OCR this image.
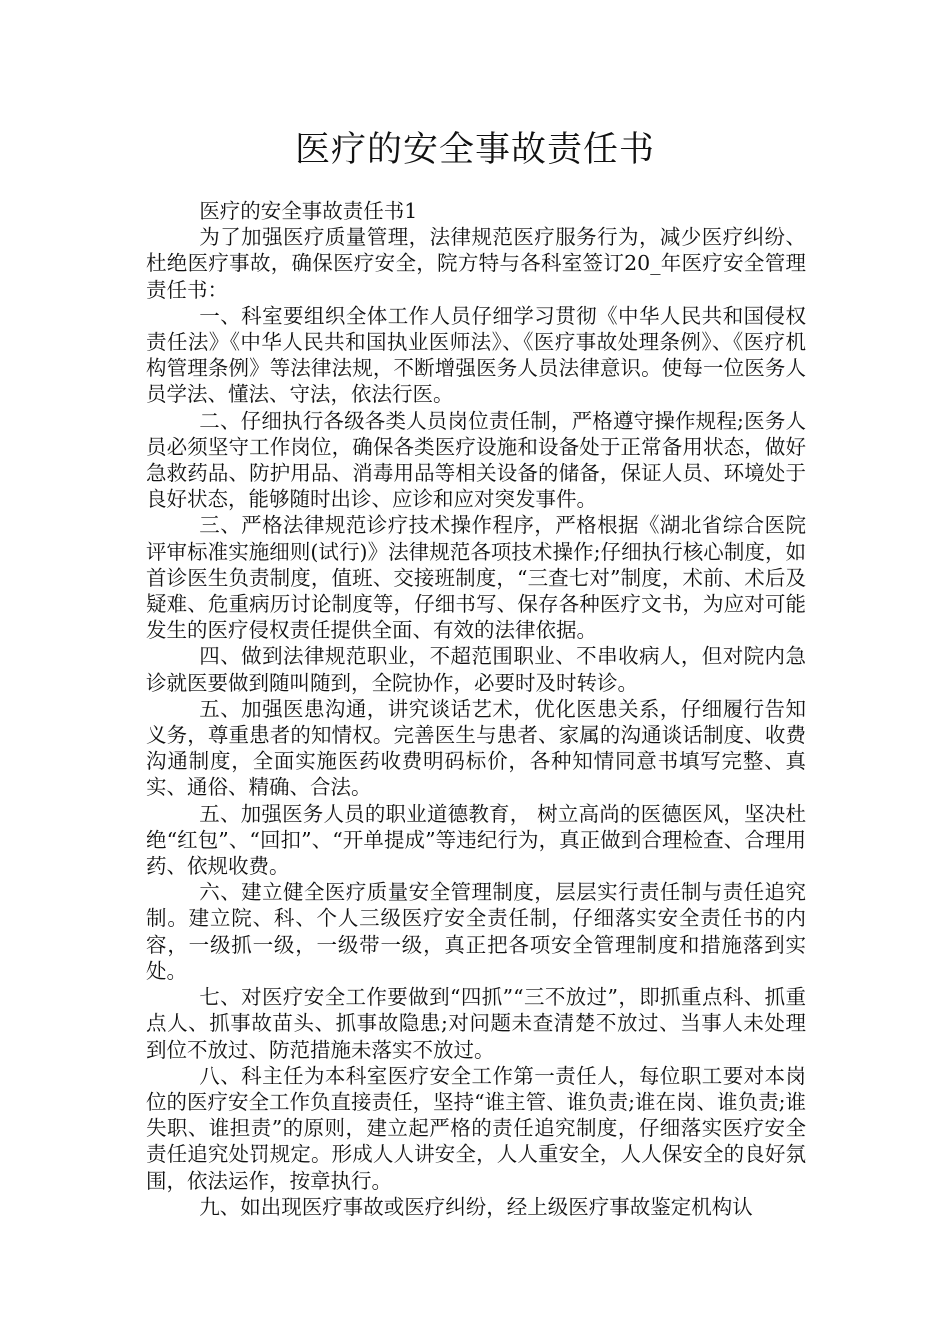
医疗的安全事故责任书

医疗的安全事故责任书1

为了加强医疗质量管理，法律规范医疗服务行为，减少医疗纠纷、杜绝医疗事故，确保医疗安全，院方特与各科室签订20_年医疗安全管理责任书：

一、科室要组织全体工作人员仔细学习贯彻《中华人民共和国侵权责任法》《中华人民共和国执业医师法》、《医疗事故处理条例》、《医疗机构管理条例》等法律法规，不断增强医务人员法律意识。使每一位医务人员学法、懂法、守法，依法行医。

二、仔细执行各级各类人员岗位责任制，严格遵守操作规程;医务人员必须坚守工作岗位，确保各类医疗设施和设备处于正常备用状态，做好急救药品、防护用品、消毒用品等相关设备的储备，保证人员、环境处于良好状态，能够随时出诊、应诊和应对突发事件。

三、严格法律规范诊疗技术操作程序，严格根据《湖北省综合医院评审标准实施细则(试行)》法律规范各项技术操作;仔细执行核心制度，如首诊医生负责制度，值班、交接班制度，“三查七对”制度，术前、术后及疑难、危重病历讨论制度等，仔细书写、保存各种医疗文书，为应对可能发生的医疗侵权责任提供全面、有效的法律依据。

四、做到法律规范职业，不超范围职业、不串收病人，但对院内急诊就医要做到随叫随到，全院协作，必要时及时转诊。

五、加强医患沟通，讲究谈话艺术，优化医患关系，仔细履行告知义务，尊重患者的知情权。完善医生与患者、家属的沟通谈话制度、收费沟通制度，全面实施医药收费明码标价，各种知情同意书填写完整、真实、通俗、精确、合法。

五、加强医务人员的职业道德教育， 树立高尚的医德医风，坚决杜绝“红包”、“回扣”、“开单提成”等违纪行为，真正做到合理检查、合理用药、依规收费。

六、建立健全医疗质量安全管理制度，层层实行责任制与责任追究制。建立院、科、个人三级医疗安全责任制，仔细落实安全责任书的内容，一级抓一级，一级带一级，真正把各项安全管理制度和措施落到实处。

七、对医疗安全工作要做到“四抓”“三不放过”，即抓重点科、抓重点人、抓事故苗头、抓事故隐患;对问题未查清楚不放过、当事人未处理到位不放过、防范措施未落实不放过。

八、科主任为本科室医疗安全工作第一责任人，每位职工要对本岗位的医疗安全工作负直接责任，坚持“谁主管、谁负责;谁在岗、谁负责;谁失职、谁担责”的原则，建立起严格的责任追究制度，仔细落实医疗安全责任追究处罚规定。形成人人讲安全，人人重安全，人人保安全的良好氛围，依法运作，按章执行。

九、如出现医疗事故或医疗纠纷，经上级医疗事故鉴定机构认
